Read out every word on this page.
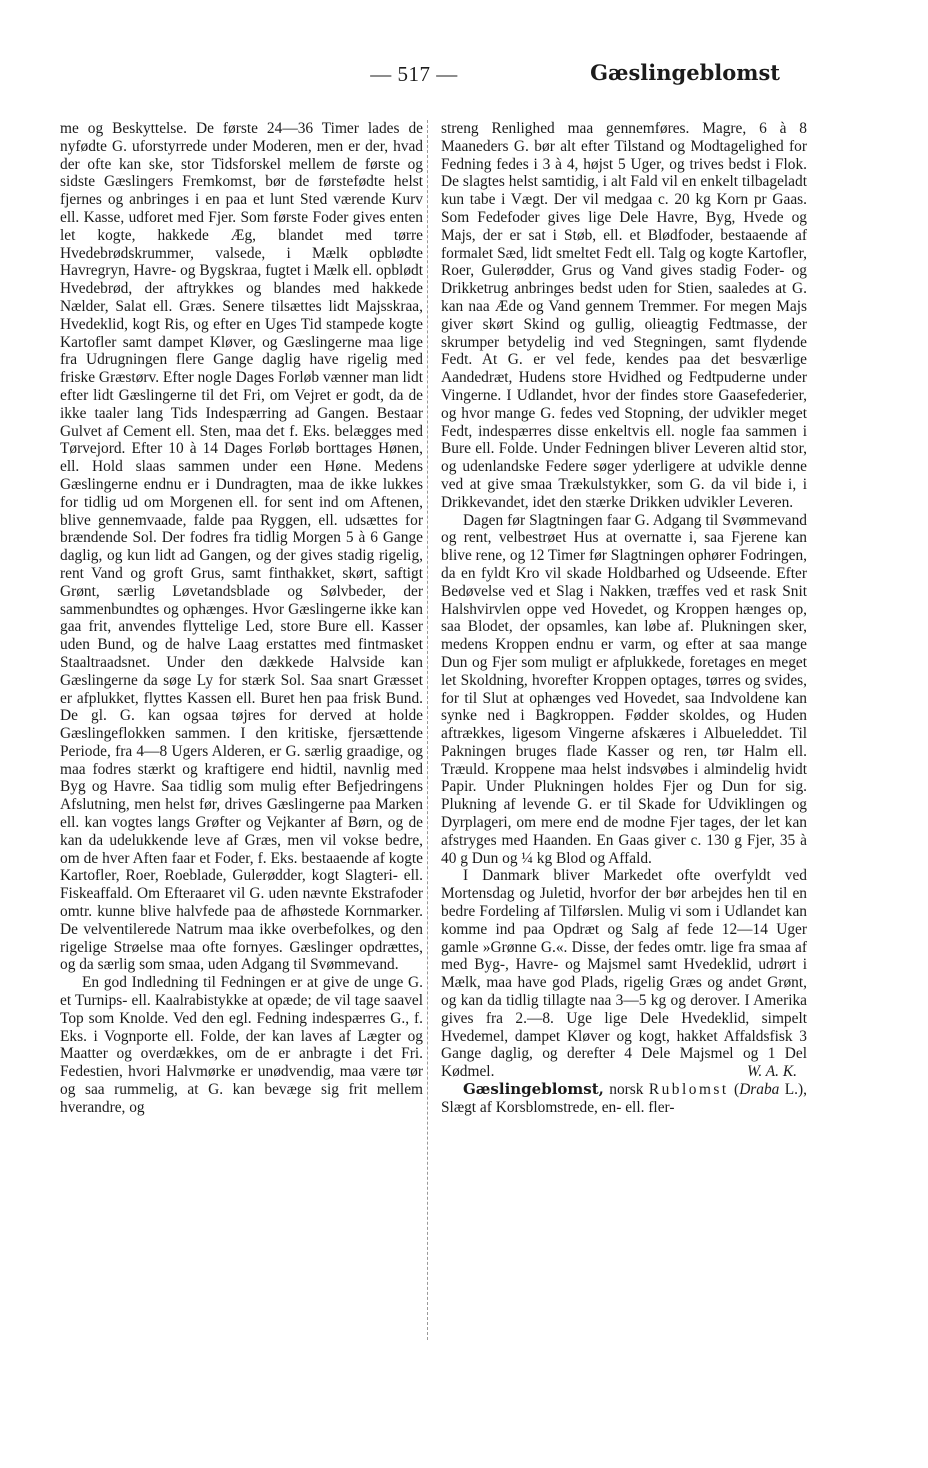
— 517 —	Gæslingeblomst

me og Beskyttelse. De første 24—36 Timer lades de nyfødte G. uforstyrrede under Moderen, men er der, hvad der ofte kan ske, stor Tidsforskel mellem de første og sidste Gæslingers Fremkomst, bør de førstefødte helst fjernes og anbringes i en paa et lunt Sted værende Kurv ell. Kasse, udforet med Fjer. Som første Foder gives enten let kogte, hakkede Æg, blandet med tørre Hvedebrødskrummer, valsede, i Mælk opblødte Havregryn, Havre- og Bygskraa, fugtet i Mælk ell. opblødt Hvedebrød, der aftrykkes og blandes med hakkede Nælder, Salat ell. Græs. Senere tilsættes lidt Majsskraa, Hvedeklid, kogt Ris, og efter en Uges Tid stampede kogte Kartofler samt dampet Kløver, og Gæslingerne maa lige fra Udrugningen flere Gange daglig have rigelig med friske Græstørv. Efter nogle Dages Forløb vænner man lidt efter lidt Gæslingerne til det Fri, om Vejret er godt, da de ikke taaler lang Tids Indespærring ad Gangen. Bestaar Gulvet af Cement ell. Sten, maa det f. Eks. belægges med Tørvejord. Efter 10 à 14 Dages Forløb borttages Hønen, ell. Hold slaas sammen under een Høne. Medens Gæslingerne endnu er i Dundragten, maa de ikke lukkes for tidlig ud om Morgenen ell. for sent ind om Aftenen, blive gennemvaade, falde paa Ryggen, ell. udsættes for brændende Sol. Der fodres fra tidlig Morgen 5 à 6 Gange daglig, og kun lidt ad Gangen, og der gives stadig rigelig, rent Vand og groft Grus, samt finthakket, skørt, saftigt Grønt, særlig Løvetandsblade og Sølvbeder, der sammenbundtes og ophænges. Hvor Gæslingerne ikke kan gaa frit, anvendes flyttelige Led, store Bure ell. Kasser uden Bund, og de halve Laag erstattes med fintmasket Staaltraadsnet. Under den dækkede Halvside kan Gæslingerne da søge Ly for stærk Sol. Saa snart Græsset er afplukket, flyttes Kassen ell. Buret hen paa frisk Bund. De gl. G. kan ogsaa tøjres for derved at holde Gæslingeflokken sammen. I den kritiske, fjersættende Periode, fra 4—8 Ugers Alderen, er G. særlig graadige, og maa fodres stærkt og kraftigere end hidtil, navnlig med Byg og Havre. Saa tidlig som mulig efter Befjedringens Afslutning, men helst før, drives Gæslingerne paa Marken ell. kan vogtes langs Grøfter og Vejkanter af Børn, og de kan da udelukkende leve af Græs, men vil vokse bedre, om de hver Aften faar et Foder, f. Eks. bestaaende af kogte Kartofler, Roer, Roeblade, Gulerødder, kogt Slagteri- ell. Fiskeaffald. Om Efteraaret vil G. uden nævnte Ekstrafoder omtr. kunne blive halvfede paa de afhøstede Kornmarker. De velventilerede Natrum maa ikke overbefolkes, og den rigelige Strøelse maa ofte fornyes. Gæslinger opdrættes, og da særlig som smaa, uden Adgang til Svømmevand.

En god Indledning til Fedningen er at give de unge G. et Turnips- ell. Kaalrabistykke at opæde; de vil tage saavel Top som Knolde. Ved den egl. Fedning indespærres G., f. Eks. i Vognporte ell. Folde, der kan laves af Lægter og Maatter og overdækkes, om de er anbragte i det Fri. Fedestien, hvori Halvmørke er unødvendig, maa være tør og saa rummelig, at G. kan bevæge sig frit mellem hverandre, og

streng Renlighed maa gennemføres. Magre, 6 à 8 Maaneders G. bør alt efter Tilstand og Modtagelighed for Fedning fedes i 3 à 4, højst 5 Uger, og trives bedst i Flok. De slagtes helst samtidig, i alt Fald vil en enkelt tilbageladt kun tabe i Vægt. Der vil medgaa c. 20 kg Korn pr Gaas. Som Fedefoder gives lige Dele Havre, Byg, Hvede og Majs, der er sat i Støb, ell. et Blødfoder, bestaaende af formalet Sæd, lidt smeltet Fedt ell. Talg og kogte Kartofler, Roer, Gulerødder, Grus og Vand gives stadig Foder- og Drikketrug anbringes bedst uden for Stien, saaledes at G. kan naa Æde og Vand gennem Tremmer. For megen Majs giver skørt Skind og gullig, olieagtig Fedtmasse, der skrumper betydelig ind ved Stegningen, samt flydende Fedt. At G. er vel fede, kendes paa det besværlige Aandedræt, Hudens store Hvidhed og Fedtpuderne under Vingerne. I Udlandet, hvor der findes store Gaasefederier, og hvor mange G. fedes ved Stopning, der udvikler meget Fedt, indespærres disse enkeltvis ell. nogle faa sammen i Bure ell. Folde. Under Fedningen bliver Leveren altid stor, og udenlandske Federe søger yderligere at udvikle denne ved at give smaa Trækulstykker, som G. da vil bide i, i Drikkevandet, idet den stærke Drikken udvikler Leveren.

Dagen før Slagtningen faar G. Adgang til Svømmevand og rent, velbestrøet Hus at overnatte i, saa Fjerene kan blive rene, og 12 Timer før Slagtningen ophører Fodringen, da en fyldt Kro vil skade Holdbarhed og Udseende. Efter Bedøvelse ved et Slag i Nakken, træffes ved et rask Snit Halshvirvlen oppe ved Hovedet, og Kroppen hænges op, saa Blodet, der opsamles, kan løbe af. Plukningen sker, medens Kroppen endnu er varm, og efter at saa mange Dun og Fjer som muligt er afplukkede, foretages en meget let Skoldning, hvorefter Kroppen optages, tørres og svides, for til Slut at ophænges ved Hovedet, saa Indvoldene kan synke ned i Bagkroppen. Fødder skoldes, og Huden aftrækkes, ligesom Vingerne afskæres i Albueleddet. Til Pakningen bruges flade Kasser og ren, tør Halm ell. Træuld. Kroppene maa helst indsvøbes i almindelig hvidt Papir. Under Plukningen holdes Fjer og Dun for sig. Plukning af levende G. er til Skade for Udviklingen og Dyrplageri, om mere end de modne Fjer tages, der let kan afstryges med Haanden. En Gaas giver c. 130 g Fjer, 35 à 40 g Dun og ¼ kg Blod og Affald.

I Danmark bliver Markedet ofte overfyldt ved Mortensdag og Juletid, hvorfor der bør arbejdes hen til en bedre Fordeling af Tilførslen. Mulig vi som i Udlandet kan komme ind paa Opdræt og Salg af fede 12—14 Uger gamle »Grønne G.«. Disse, der fedes omtr. lige fra smaa af med Byg-, Havre- og Majsmel samt Hvedeklid, udrørt i Mælk, maa have god Plads, rigelig Græs og andet Grønt, og kan da tidlig tillagte naa 3—5 kg og derover. I Amerika gives fra 2.—8. Uge lige Dele Hvedeklid, simpelt Hvedemel, dampet Kløver og kogt, hakket Affaldsfisk 3 Gange daglig, og derefter 4 Dele Majsmel og 1 Del Kødmel.	W. A. K.

Gæslingeblomst, norsk Rublomst (Draba L.), Slægt af Korsblomstrede, en- ell. fler-
